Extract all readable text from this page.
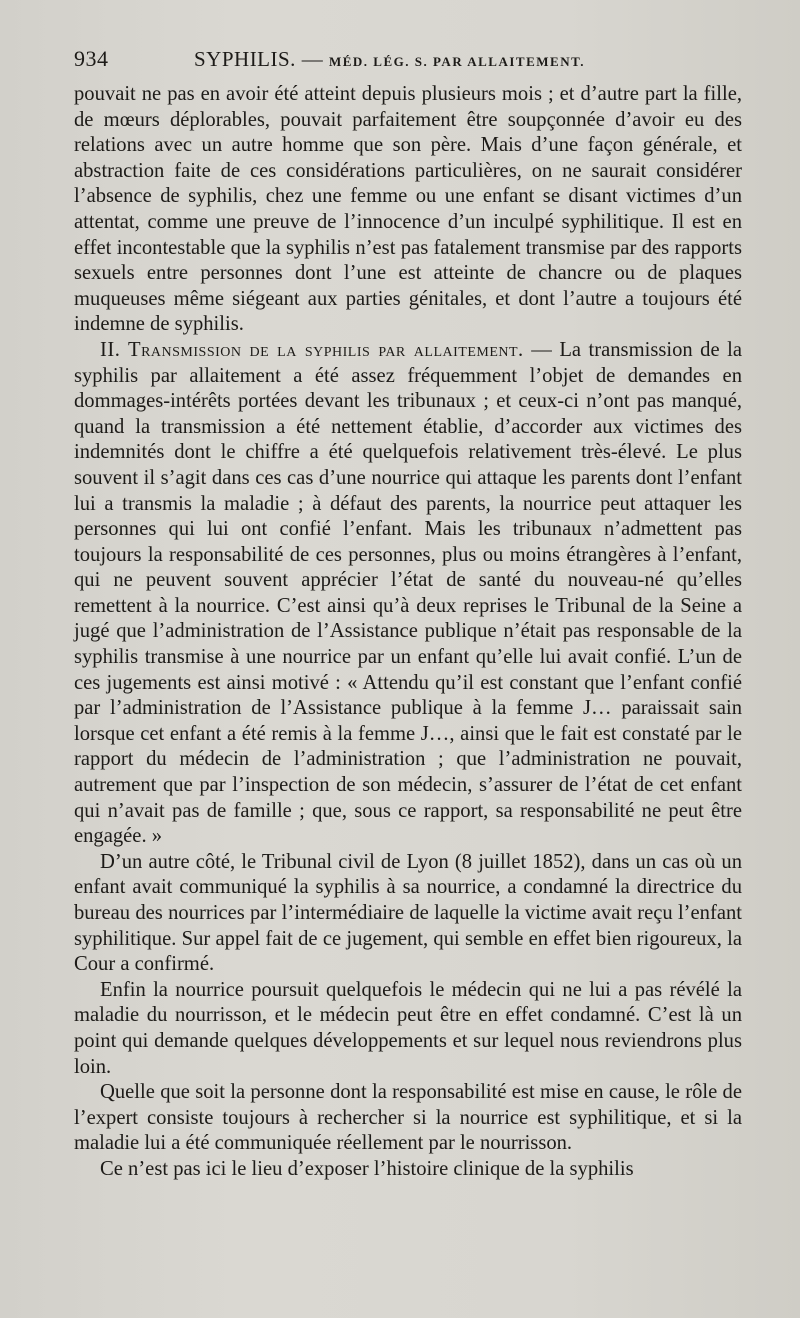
934	SYPHILIS. — MÉD. LÉG. S. PAR ALLAITEMENT.

pouvait ne pas en avoir été atteint depuis plusieurs mois ; et d’autre part la fille, de mœurs déplorables, pouvait parfaitement être soupçonnée d’avoir eu des relations avec un autre homme que son père. Mais d’une façon générale, et abstraction faite de ces considérations particulières, on ne saurait considérer l’absence de syphilis, chez une femme ou une enfant se disant victimes d’un attentat, comme une preuve de l’innocence d’un inculpé syphilitique. Il est en effet incontestable que la syphilis n’est pas fatalement transmise par des rapports sexuels entre personnes dont l’une est atteinte de chancre ou de plaques muqueuses même siégeant aux parties génitales, et dont l’autre a toujours été indemne de syphilis.

II. Transmission de la syphilis par allaitement. — La transmission de la syphilis par allaitement a été assez fréquemment l’objet de demandes en dommages-intérêts portées devant les tribunaux ; et ceux-ci n’ont pas manqué, quand la transmission a été nettement établie, d’accorder aux victimes des indemnités dont le chiffre a été quelquefois relativement très-élevé. Le plus souvent il s’agit dans ces cas d’une nourrice qui attaque les parents dont l’enfant lui a transmis la maladie ; à défaut des parents, la nourrice peut attaquer les personnes qui lui ont confié l’enfant. Mais les tribunaux n’admettent pas toujours la responsabilité de ces personnes, plus ou moins étrangères à l’enfant, qui ne peuvent souvent apprécier l’état de santé du nouveau-né qu’elles remettent à la nourrice. C’est ainsi qu’à deux reprises le Tribunal de la Seine a jugé que l’administration de l’Assistance publique n’était pas responsable de la syphilis transmise à une nourrice par un enfant qu’elle lui avait confié. L’un de ces jugements est ainsi motivé : « Attendu qu’il est constant que l’enfant confié par l’administration de l’Assistance publique à la femme J… paraissait sain lorsque cet enfant a été remis à la femme J…, ainsi que le fait est constaté par le rapport du médecin de l’administration ; que l’administration ne pouvait, autrement que par l’inspection de son médecin, s’assurer de l’état de cet enfant qui n’avait pas de famille ; que, sous ce rapport, sa responsabilité ne peut être engagée. »

D’un autre côté, le Tribunal civil de Lyon (8 juillet 1852), dans un cas où un enfant avait communiqué la syphilis à sa nourrice, a condamné la directrice du bureau des nourrices par l’intermédiaire de laquelle la victime avait reçu l’enfant syphilitique. Sur appel fait de ce jugement, qui semble en effet bien rigoureux, la Cour a confirmé.

Enfin la nourrice poursuit quelquefois le médecin qui ne lui a pas révélé la maladie du nourrisson, et le médecin peut être en effet condamné. C’est là un point qui demande quelques développements et sur lequel nous reviendrons plus loin.

Quelle que soit la personne dont la responsabilité est mise en cause, le rôle de l’expert consiste toujours à rechercher si la nourrice est syphilitique, et si la maladie lui a été communiquée réellement par le nourrisson.

Ce n’est pas ici le lieu d’exposer l’histoire clinique de la syphilis
